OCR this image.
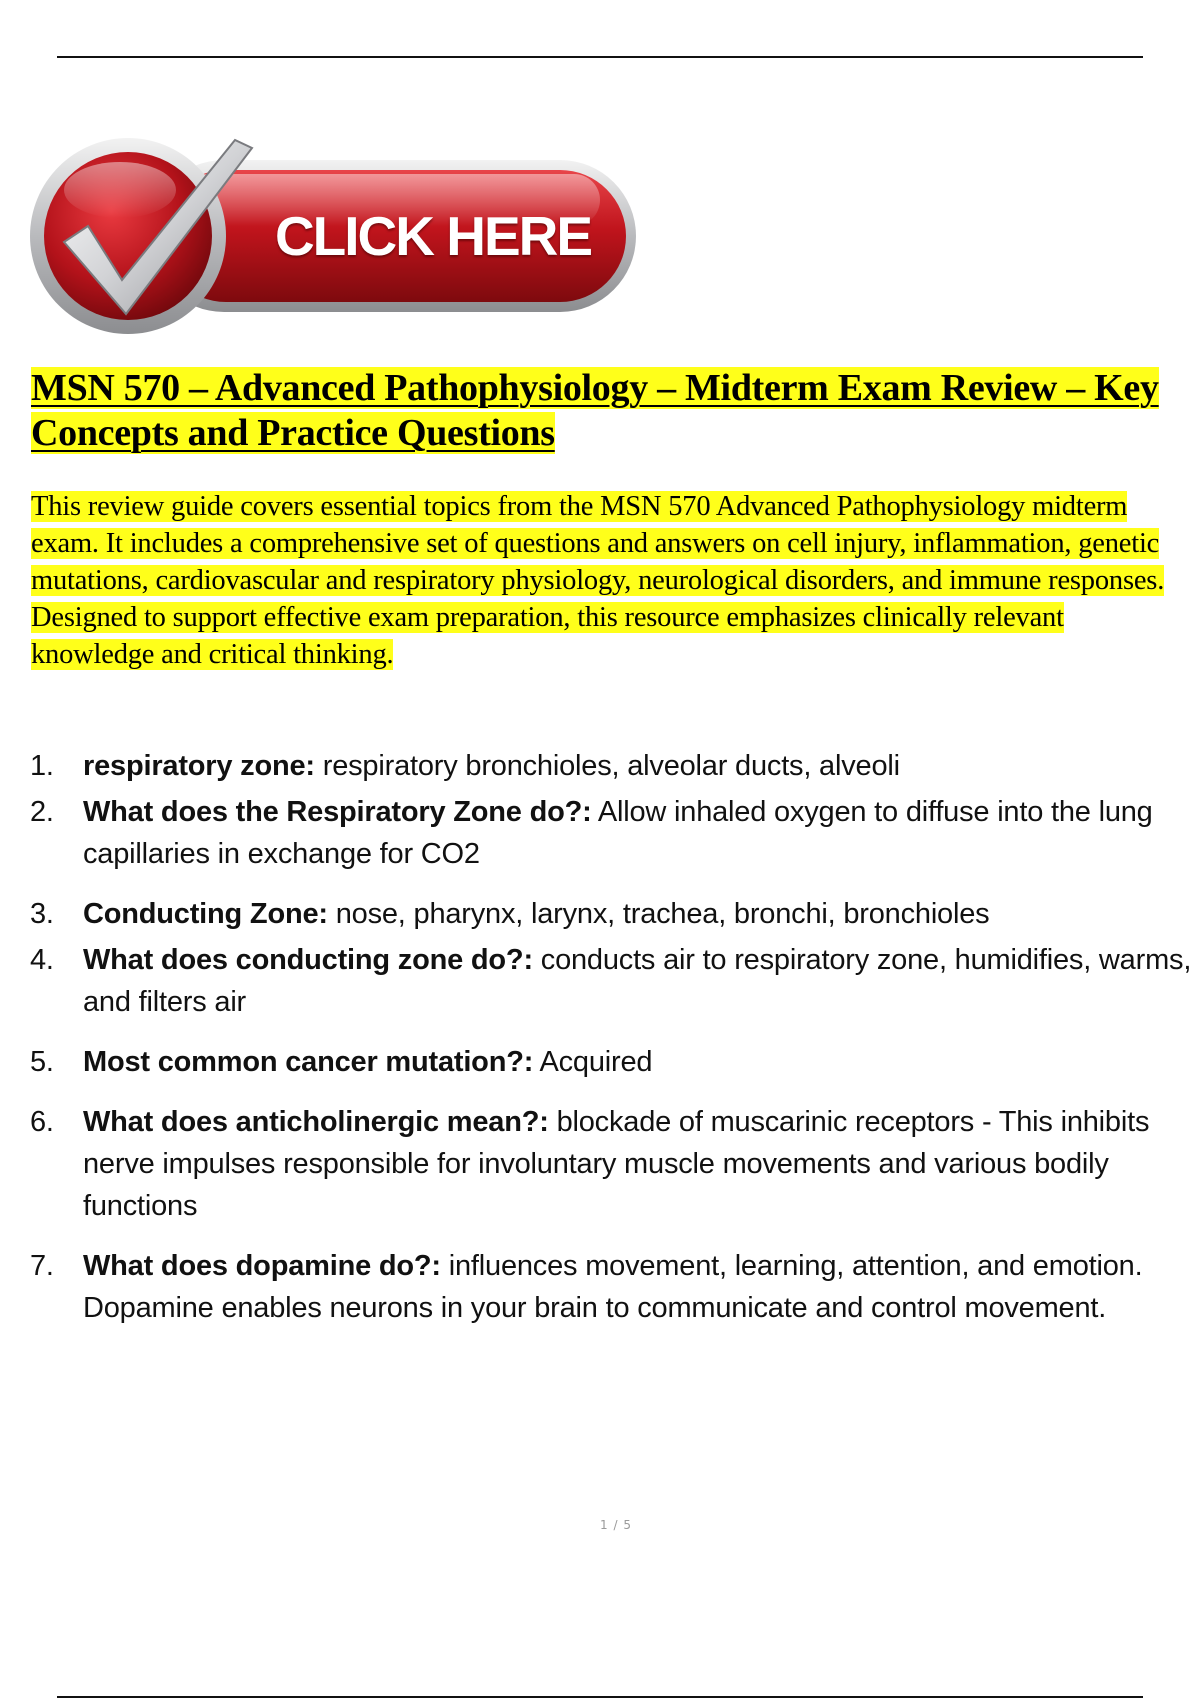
CLICK HERE
MSN 570 – Advanced Pathophysiology – Midterm Exam Review – Key Concepts and Practice Questions

This review guide covers essential topics from the MSN 570 Advanced Pathophysiology midterm exam. It includes a comprehensive set of questions and answers on cell injury, inflammation, genetic mutations, cardiovascular and respiratory physiology, neurological disorders, and immune responses. Designed to support effective exam preparation, this resource emphasizes clinically relevant knowledge and critical thinking.

1.	respiratory zone: respiratory bronchioles, alveolar ducts, alveoli
2.	What does the Respiratory Zone do?: Allow inhaled oxygen to diffuse into the lung capillaries in exchange for CO2
3.	Conducting Zone: nose, pharynx, larynx, trachea, bronchi, bronchioles
4.	What does conducting zone do?: conducts air to respiratory zone, humidifies, warms, and filters air
5.	Most common cancer mutation?: Acquired
6.	What does anticholinergic mean?: blockade of muscarinic receptors - This inhibits nerve impulses responsible for involuntary muscle movements and various bodily functions
7.	What does dopamine do?: influences movement, learning, attention, and emotion. Dopamine enables neurons in your brain to communicate and control movement.
1 / 5
